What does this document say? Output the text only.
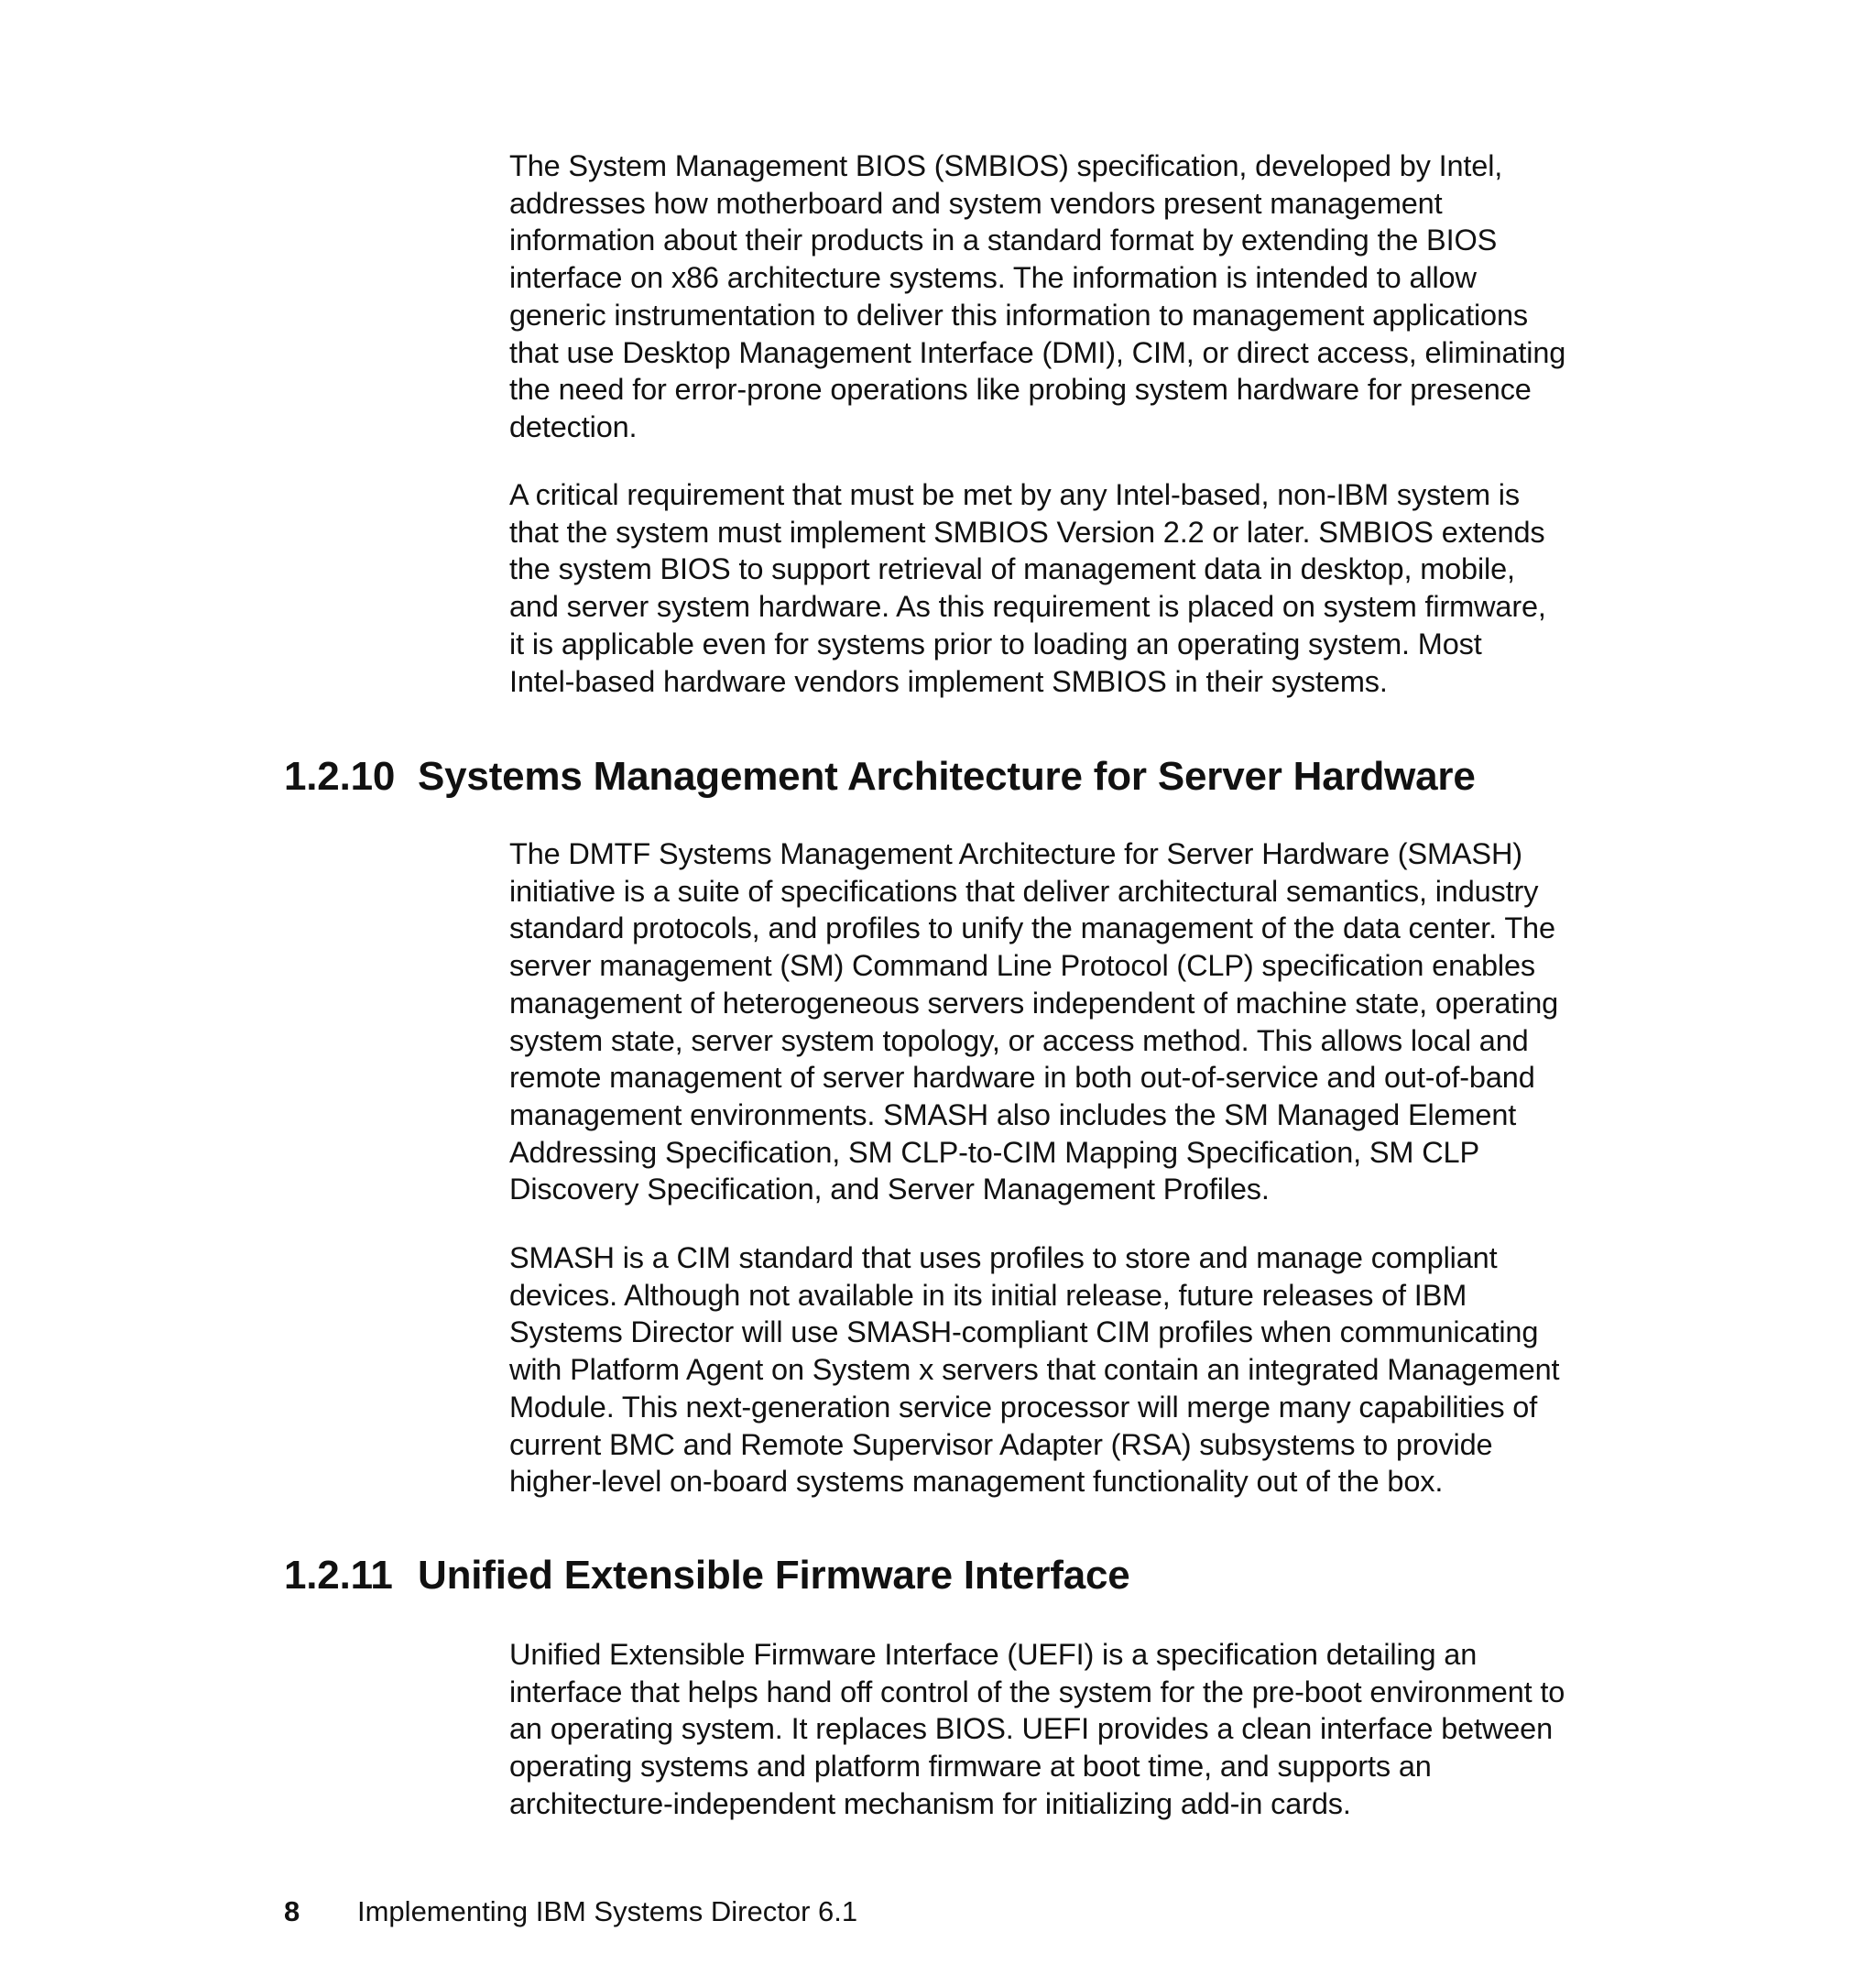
The System Management BIOS (SMBIOS) specification, developed by Intel,
addresses how motherboard and system vendors present management
information about their products in a standard format by extending the BIOS
interface on x86 architecture systems. The information is intended to allow
generic instrumentation to deliver this information to management applications
that use Desktop Management Interface (DMI), CIM, or direct access, eliminating
the need for error-prone operations like probing system hardware for presence
detection.

A critical requirement that must be met by any Intel-based, non-IBM system is
that the system must implement SMBIOS Version 2.2 or later. SMBIOS extends
the system BIOS to support retrieval of management data in desktop, mobile,
and server system hardware. As this requirement is placed on system firmware,
it is applicable even for systems prior to loading an operating system. Most
Intel-based hardware vendors implement SMBIOS in their systems.

1.2.10 Systems Management Architecture for Server Hardware

The DMTF Systems Management Architecture for Server Hardware (SMASH)
initiative is a suite of specifications that deliver architectural semantics, industry
standard protocols, and profiles to unify the management of the data center. The
server management (SM) Command Line Protocol (CLP) specification enables
management of heterogeneous servers independent of machine state, operating
system state, server system topology, or access method. This allows local and
remote management of server hardware in both out-of-service and out-of-band
management environments. SMASH also includes the SM Managed Element
Addressing Specification, SM CLP-to-CIM Mapping Specification, SM CLP
Discovery Specification, and Server Management Profiles.

SMASH is a CIM standard that uses profiles to store and manage compliant
devices. Although not available in its initial release, future releases of IBM
Systems Director will use SMASH-compliant CIM profiles when communicating
with Platform Agent on System x servers that contain an integrated Management
Module. This next-generation service processor will merge many capabilities of
current BMC and Remote Supervisor Adapter (RSA) subsystems to provide
higher-level on-board systems management functionality out of the box.

1.2.11 Unified Extensible Firmware Interface

Unified Extensible Firmware Interface (UEFI) is a specification detailing an
interface that helps hand off control of the system for the pre-boot environment to
an operating system. It replaces BIOS. UEFI provides a clean interface between
operating systems and platform firmware at boot time, and supports an
architecture-independent mechanism for initializing add-in cards.

8 Implementing IBM Systems Director 6.1
